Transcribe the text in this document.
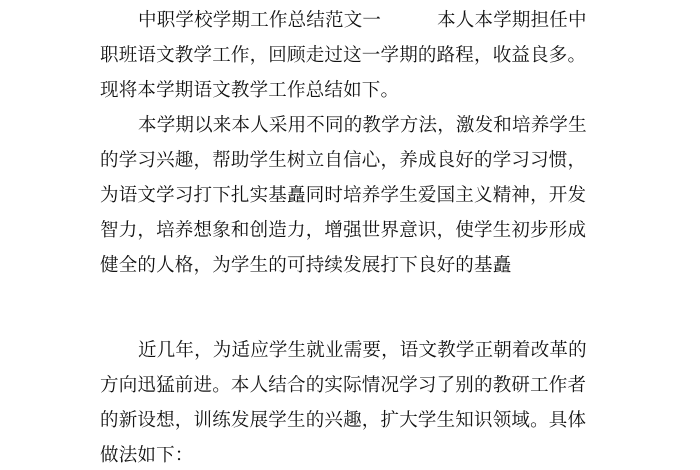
中职学校学期工作总结范文一	本人本学期担任中
职班语文教学工作，回顾走过这一学期的路程，收益良多。
现将本学期语文教学工作总结如下。
本学期以来本人采用不同的教学方法，激发和培养学生
的学习兴趣，帮助学生树立自信心，养成良好的学习习惯，
为语文学习打下扎实基矗同时培养学生爱国主义精神，开发
智力，培养想象和创造力，增强世界意识，使学生初步形成
健全的人格，为学生的可持续发展打下良好的基矗
近几年，为适应学生就业需要，语文教学正朝着改革的
方向迅猛前进。本人结合的实际情况学习了别的教研工作者
的新设想，训练发展学生的兴趣，扩大学生知识领域。具体
做法如下：
